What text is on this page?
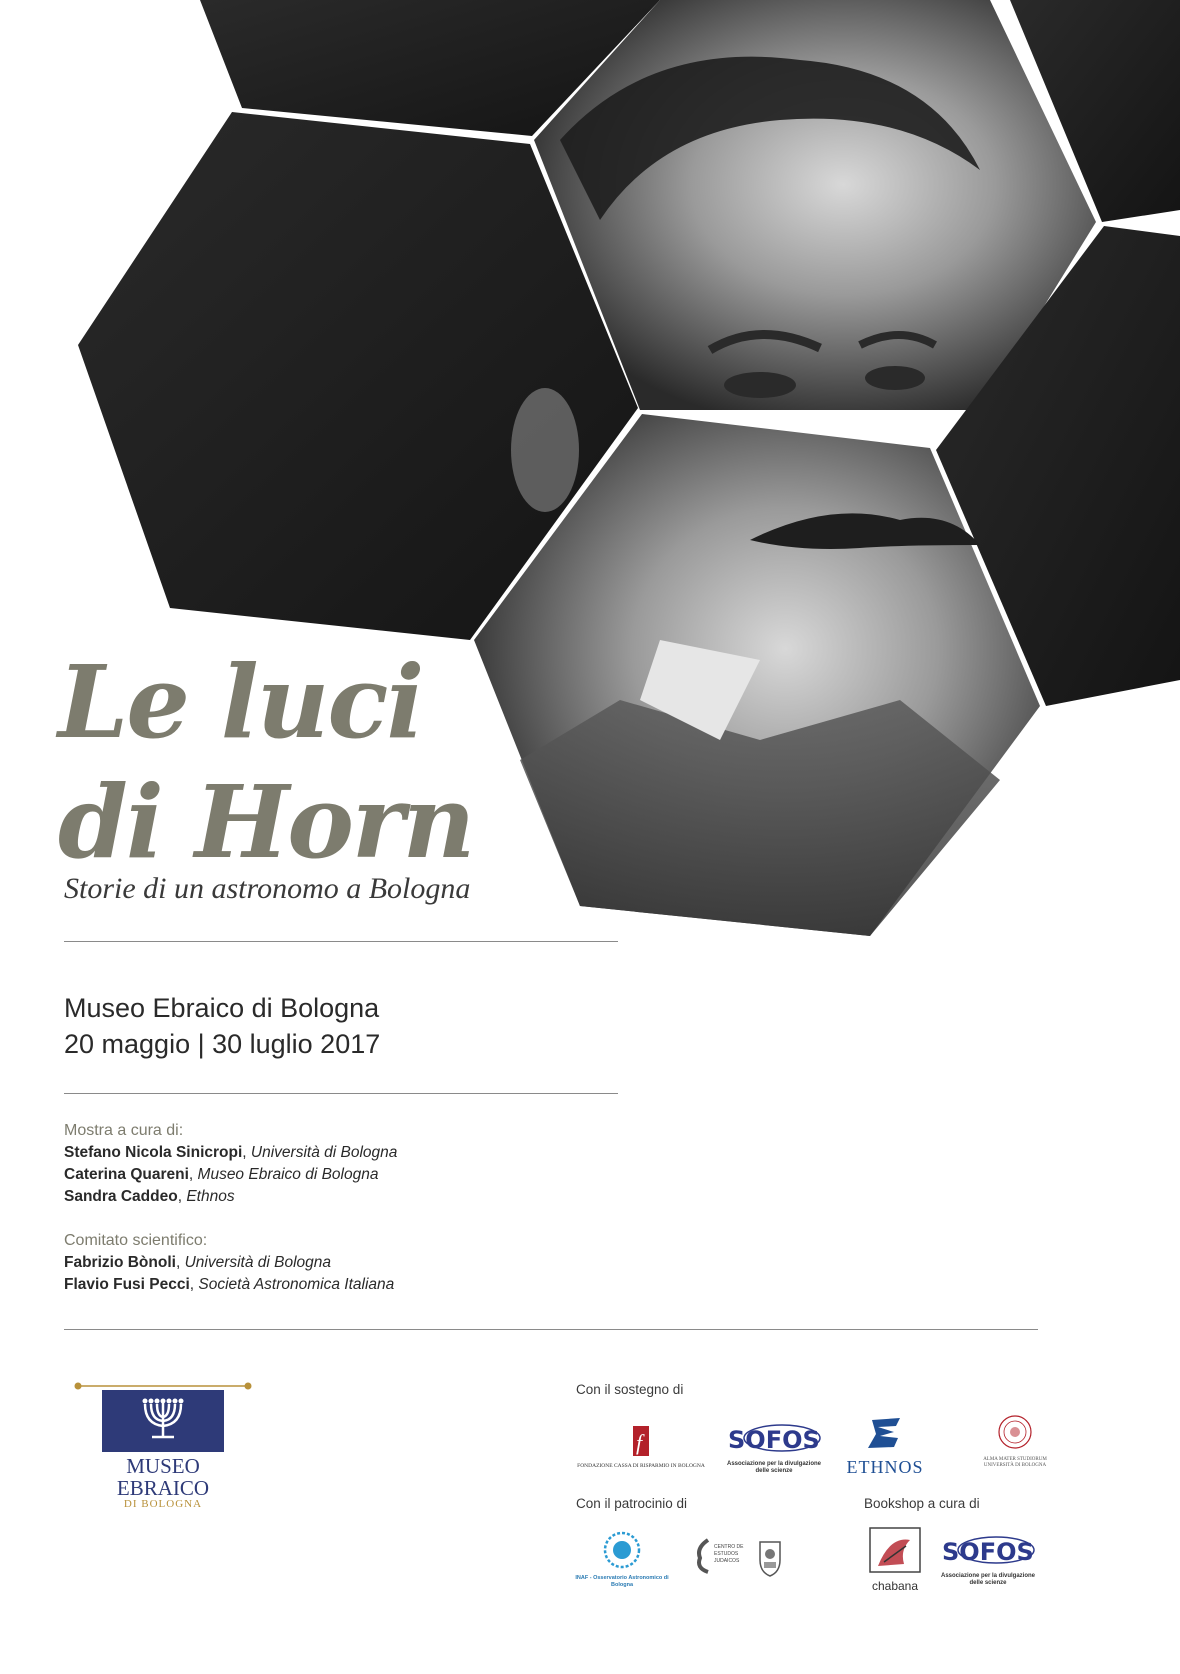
Le luci
di Horn
Storie di un astronomo a Bologna
Museo Ebraico di Bologna
20 maggio | 30 luglio 2017
Mostra a cura di:
Stefano Nicola Sinicropi, Università di Bologna
Caterina Quareni, Museo Ebraico di Bologna
Sandra Caddeo, Ethnos
Comitato scientifico:
Fabrizio Bònoli, Università di Bologna
Flavio Fusi Pecci, Società Astronomica Italiana
MUSEO
EBRAICO
DI BOLOGNA
Con il sostegno di
f
FONDAZIONE CASSA DI RISPARMIO IN BOLOGNA
SOFOS
Associazione per la divulgazione delle scienze	ETHNOS	ALMA MATER STUDIORUM UNIVERSITÀ DI BOLOGNA
Con il patrocinio di
INAF - Osservatorio Astronomico di Bologna
CENTRO DE ESTUDOS JUDAICOS
Bookshop a cura di
chabana
SOFOS
Associazione per la divulgazione delle scienze
